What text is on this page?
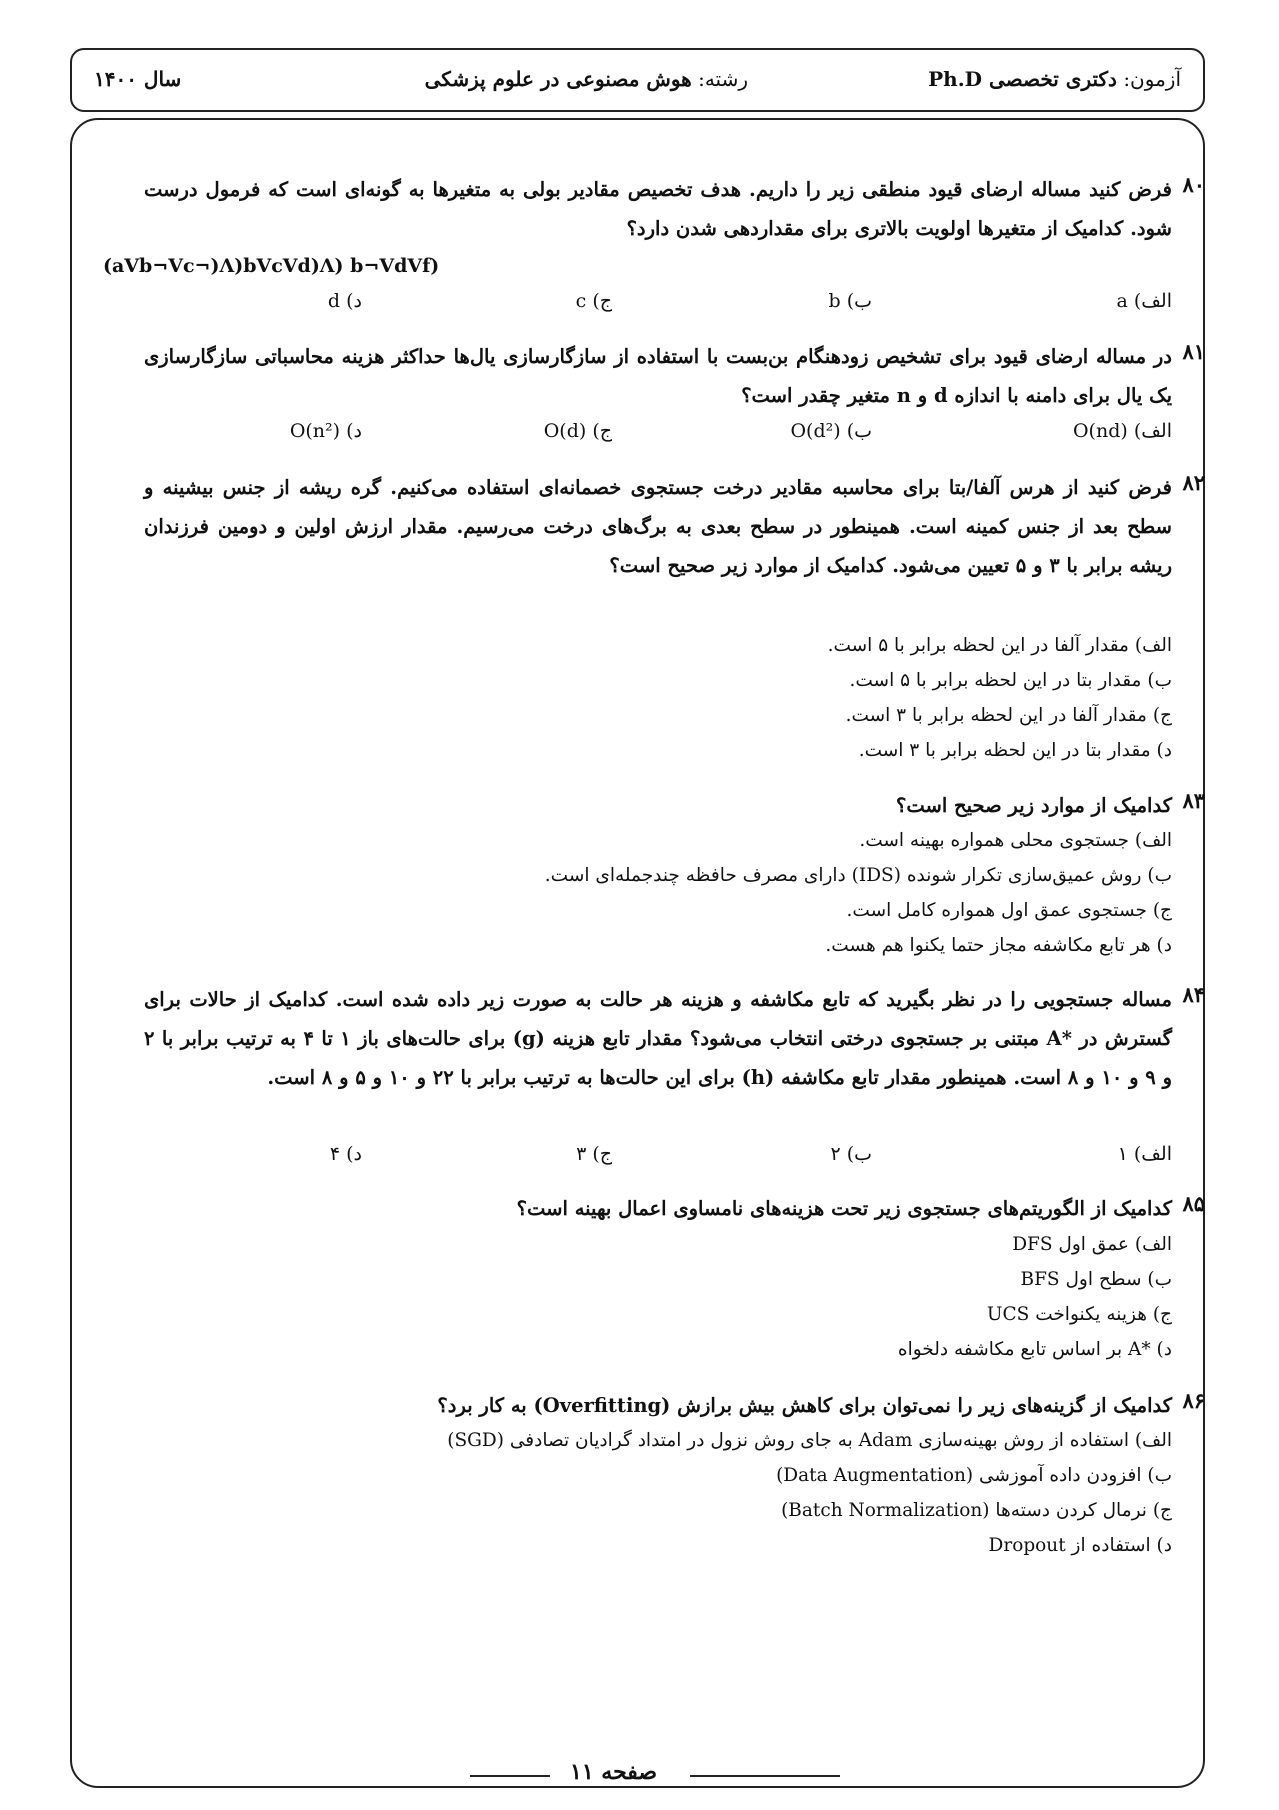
آزمون: دکتری تخصصی Ph.D
رشته: هوش مصنوعی در علوم پزشکی
سال ۱۴۰۰
۸۰
فرض کنید مساله ارضای قیود منطقی زیر را داریم. هدف تخصیص مقادیر بولی به متغیرها به گونه‌ای است که فرمول درست شود. کدامیک از متغیرها اولویت بالاتری برای مقداردهی شدن دارد؟
(aVb¬Vc¬)Λ)bVcVd)Λ) b¬VdVf)
الف) a
ب) b
ج) c
د) d
۸۱
در مساله ارضای قیود برای تشخیص زودهنگام بن‌بست با استفاده از سازگارسازی یال‌ها حداکثر هزینه محاسباتی سازگارسازی یک یال برای دامنه با اندازه d و n متغیر چقدر است؟
الف) O(nd)
ب) O(d²)
ج) O(d)
د) O(n²)
۸۲
فرض کنید از هرس آلفا/بتا برای محاسبه مقادیر درخت جستجوی خصمانه‌ای استفاده می‌کنیم. گره ریشه از جنس بیشینه و سطح بعد از جنس کمینه است. همینطور در سطح بعدی به برگ‌های درخت می‌رسیم. مقدار ارزش اولین و دومین فرزندان ریشه برابر با ۳ و ۵ تعیین می‌شود. کدامیک از موارد زیر صحیح است؟
الف) مقدار آلفا در این لحظه برابر با ۵ است.
ب) مقدار بتا در این لحظه برابر با ۵ است.
ج) مقدار آلفا در این لحظه برابر با ۳ است.
د) مقدار بتا در این لحظه برابر با ۳ است.
۸۳
کدامیک از موارد زیر صحیح است؟
الف) جستجوی محلی همواره بهینه است.
ب) روش عمیق‌سازی تکرار شونده (IDS) دارای مصرف حافظه چندجمله‌ای است.
ج) جستجوی عمق اول همواره کامل است.
د) هر تابع مکاشفه مجاز حتما یکنوا هم هست.
۸۴
مساله جستجویی را در نظر بگیرید که تابع مکاشفه و هزینه هر حالت به صورت زیر داده شده است. کدامیک از حالات برای گسترش در *A مبتنی بر جستجوی درختی انتخاب می‌شود؟ مقدار تابع هزینه (g) برای حالت‌های باز ۱ تا ۴ به ترتیب برابر با ۲ و ۹ و ۱۰ و ۸ است. همینطور مقدار تابع مکاشفه (h) برای این حالت‌ها به ترتیب برابر با ۲۲ و ۱۰ و ۵ و ۸ است.
الف) ۱
ب) ۲
ج) ۳
د) ۴
۸۵
کدامیک از الگوریتم‌های جستجوی زیر تحت هزینه‌های نامساوی اعمال بهینه است؟
الف) عمق اول DFS
ب) سطح اول BFS
ج) هزینه یکنواخت UCS
د) *A بر اساس تابع مکاشفه دلخواه
۸۶
کدامیک از گزینه‌های زیر را نمی‌توان برای کاهش بیش برازش (Overfitting) به کار برد؟
الف) استفاده از روش بهینه‌سازی Adam به جای روش نزول در امتداد گرادیان تصادفی (SGD)
ب) افزودن داده آموزشی (Data Augmentation)
ج) نرمال کردن دسته‌ها (Batch Normalization)
د) استفاده از Dropout
صفحه ۱۱
